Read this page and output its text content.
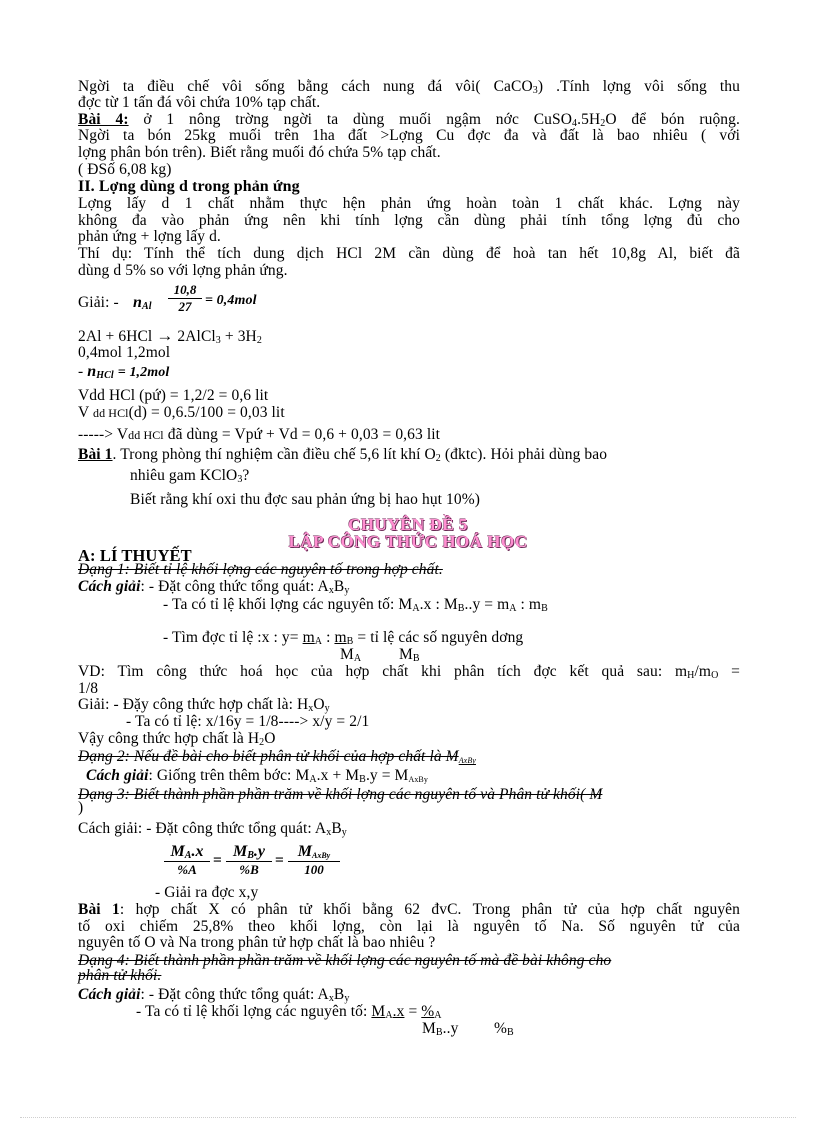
Ngời ta điều chế vôi sống bằng cách nung đá vôi( CaCO$_3$) .Tính lợng vôi sống thu
đợc từ 1 tấn đá vôi chứa 10% tạp chất.
Bài 4: ở 1 nông trờng ngời ta dùng muối ngậm nớc $CuSO_4.5H_2O$ để bón ruộng.
Ngời ta bón 25kg muối trên 1ha đất >Lợng Cu đợc đa và đất là bao nhiêu ( với
lợng phân bón trên). Biết rằng muối đó chứa 5% tạp chất.
( ĐSố 6,08 kg)
II. Lợng dùng d trong phản ứng
Lợng lấy d 1 chất nhằm thực hện phản ứng hoàn toàn 1 chất khác. Lợng này
không đa vào phản ứng nên khi tính lợng cần dùng phải tính tổng lợng đủ cho
phản ứng + lợng lấy d.
Thí dụ: Tính thể tích dung dịch HCl 2M cần dùng để hoà tan hết 10,8g Al, biết đã
dùng d 5% so với lợng phản ứng.
Giải: - $n_{Al}$
10,8
27 = 0,4mol
2Al + 6HCl → 2AlCl$_3$ + $3H_2$
0,4mol 1,2mol
- $n_{HCl} = 1,2mol$
Vdd HCl (pứ) = 1,2/2 = 0,6 lit
V dd HCl(d) = 0,6.5/100 = 0,03 lit
-----> Vdd HCl đã dùng = Vpứ + Vd = 0,6 + 0,03 = 0,63 lit
Bài 1. Trong phòng thí nghiệm cần điều chế 5,6 lít khí $O_2$ (đktc). Hỏi phải dùng bao
nhiêu gam KClO$_3$?
Biết rằng khí oxi thu đợc sau phản ứng bị hao hụt 10%)
CHUYÊN ĐỀ 5
LẬP CÔNG THỨC HOÁ HỌC
A: LÍ THUYẾT
Dạng 1: Biết tỉ lệ khối lợng các nguyên tố trong hợp chất.
Cách giải: - Đặt công thức tổng quát: $A_xB_y$
- Ta có tỉ lệ khối lợng các nguyên tố: $M_A.x$ : $M_B..y = m_A$ : $m_B$
- Tìm đợc tỉ lệ :x : $y= m_A$ : $m_B$ = tỉ lệ các số nguyên dơng
$M_A$ $M_B$
VD: Tìm công thức hoá học của hợp chất khi phân tích đợc kết quả sau: $m_H/m_O$ =
1/8
Giải: - Đặy công thức hợp chất là: $H_xO_y$
- Ta có tỉ lệ: x/16y = 1/8----> x/y = 2/1
Vậy công thức hợp chất là $H_2O$
Dạng 2: Nếu đề bài cho biết phân tử khối của hợp chất là $M_{AxBy}$
Cách giải: Giống trên thêm bớc: $M_A.x + M_B.y = M_{AxBy}$
Dạng 3: Biết thành phần phần trăm về khối lợng các nguyên tố và Phân tử khối( M
)
Cách giải: - Đặt công thức tổng quát: $A_xB_y$
$M_A.x$
%A
=
$M_B.y$
%B
=
$M_{AxBy}$
100
- Giải ra đợc x,y
Bài 1: hợp chất X có phân tử khối bằng 62 đvC. Trong phân tử của hợp chất nguyên
tố oxi chiếm 25,8% theo khối lợng, còn lại là nguyên tố Na. Số nguyên tử của
nguyên tố O và Na trong phân tử hợp chất là bao nhiêu ?
Dạng 4: Biết thành phần phần trăm về khối lợng các nguyên tố mà đề bài không cho
phân tử khối.
Cách giải: - Đặt công thức tổng quát: $A_xB_y$
- Ta có tỉ lệ khối lợng các nguyên tố: $M_A.x = \%_A$
$M_B..y$ $\%_B$
